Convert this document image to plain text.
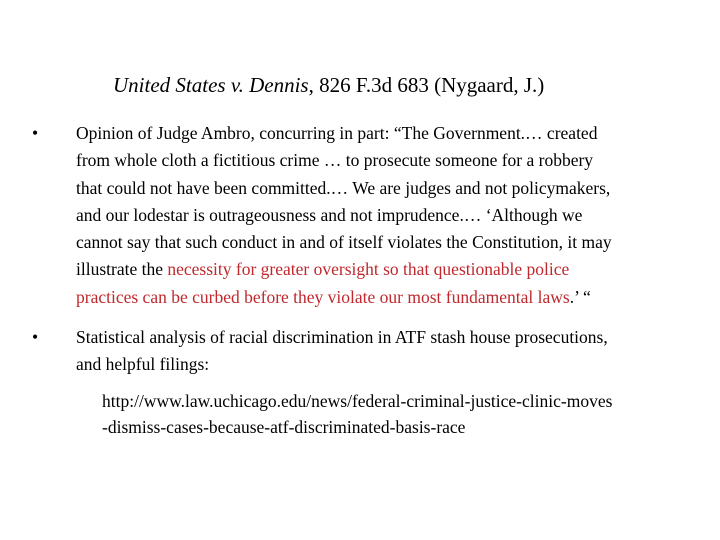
United States v. Dennis, 826 F.3d 683 (Nygaard, J.)
•	Opinion of Judge Ambro, concurring in part: “The Government.… created
from whole cloth a fictitious crime … to prosecute someone for a robbery
that could not have been committed.… We are judges and not policymakers,
and our lodestar is outrageousness and not imprudence.… ‘Although we
cannot say that such conduct in and of itself violates the Constitution, it may
illustrate the necessity for greater oversight so that questionable police
practices can be curbed before they violate our most fundamental laws.’ “
•	Statistical analysis of racial discrimination in ATF stash house prosecutions,
and helpful filings:
http://www.law.uchicago.edu/news/federal-criminal-justice-clinic-moves
-dismiss-cases-because-atf-discriminated-basis-race
